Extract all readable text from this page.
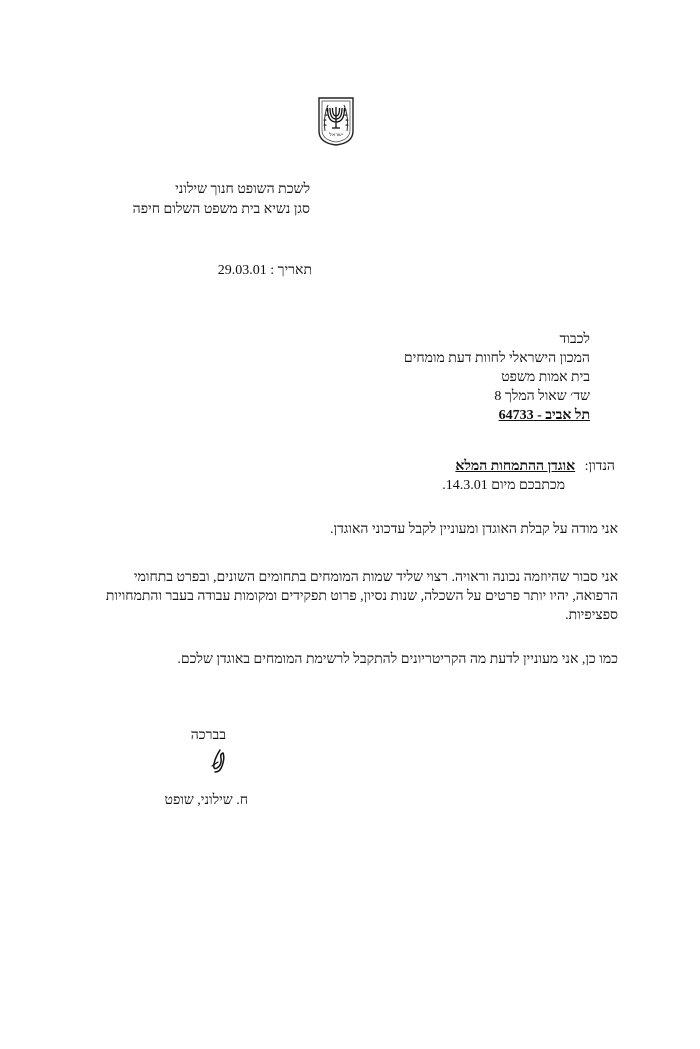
ישראל
לשכת השופט חנוך שילוני
סגן נשיא בית משפט השלום חיפה
תאריך : 29.03.01
לכבוד
המכון הישראלי לחוות דעת מומחים
בית אמות משפט
שד׳ שאול המלך 8
תל אביב - 64733
הנדון: אוגדן ההתמחות המלא
מכתבכם מיום 14.3.01.
אני מודה על קבלת האוגדן ומעוניין לקבל עדכוני האוגדן.
אני סבור שהיוזמה נכונה וראויה. רצוי שליד שמות המומחים בתחומים השונים, ובפרט בתחומי הרפואה, יהיו יותר פרטים על השכלה, שנות נסיון, פרוט תפקידים ומקומות עבודה בעבר והתמחויות ספציפיות.
כמו כן, אני מעוניין לדעת מה הקריטריונים להתקבל לרשימת המומחים באוגדן שלכם.
בברכה
ח. שילוני, שופט
